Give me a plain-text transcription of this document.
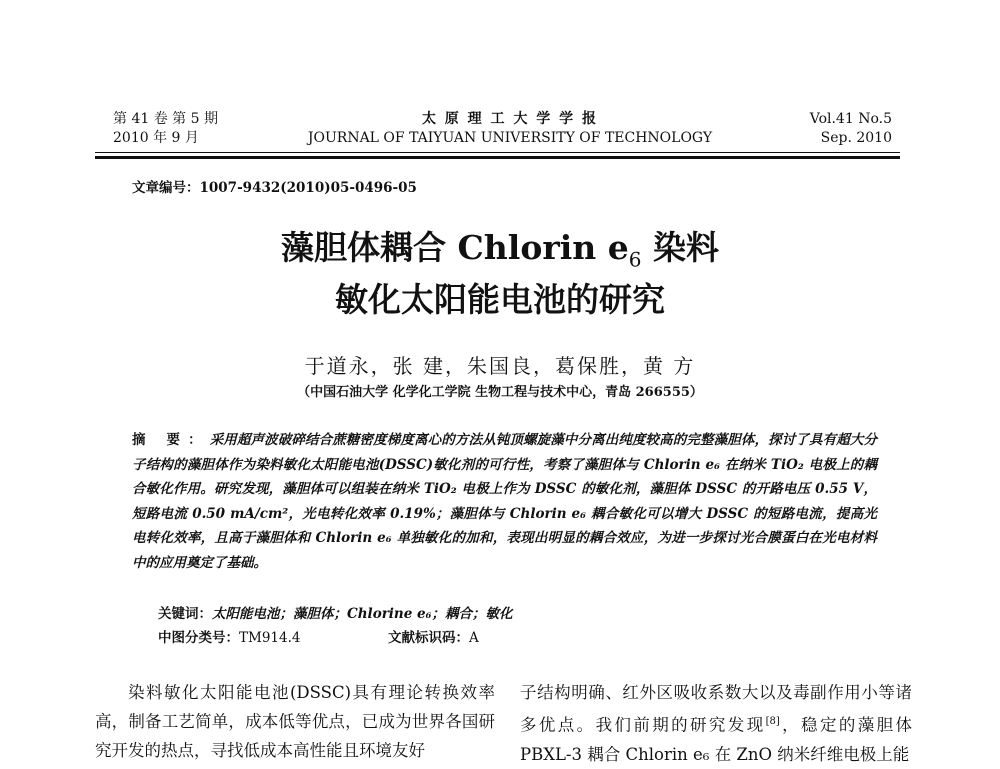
第 41 卷 第 5 期
2010 年 9 月
太 原 理 工 大 学 学 报
JOURNAL OF TAIYUAN UNIVERSITY OF TECHNOLOGY
Vol.41 No.5
Sep. 2010
文章编号：1007-9432(2010)05-0496-05
藻胆体耦合 Chlorin $e_6$ 染料
敏化太阳能电池的研究
于道永，张 建，朱国良，葛保胜，黄 方
（中国石油大学 化学化工学院 生物工程与技术中心，青岛 266555）
摘 要：采用超声波破碎结合蔗糖密度梯度离心的方法从钝顶螺旋藻中分离出纯度较高的完整藻胆体，探讨了具有超大分子结构的藻胆体作为染料敏化太阳能电池(DSSC)敏化剂的可行性，考察了藻胆体与 Chlorin e₆ 在纳米 TiO₂ 电极上的耦合敏化作用。研究发现，藻胆体可以组装在纳米 TiO₂ 电极上作为 DSSC 的敏化剂，藻胆体 DSSC 的开路电压 0.55 V，短路电流 0.50 mA/cm²，光电转化效率 0.19%；藻胆体与 Chlorin e₆ 耦合敏化可以增大 DSSC 的短路电流，提高光电转化效率，且高于藻胆体和 Chlorin e₆ 单独敏化的加和，表现出明显的耦合效应，为进一步探讨光合膜蛋白在光电材料中的应用奠定了基础。
关键词：太阳能电池；藻胆体；Chlorine e₆；耦合；敏化
中图分类号：TM914.4	文献标识码：A
染料敏化太阳能电池(DSSC)具有理论转换效率高，制备工艺简单，成本低等优点，已成为世界各国研究开发的热点，寻找低成本高性能且环境友好
子结构明确、红外区吸收系数大以及毒副作用小等诸多优点。我们前期的研究发现[8]，稳定的藻胆体 PBXL-3 耦合 Chlorin e₆ 在 ZnO 纳米纤维电极上能
